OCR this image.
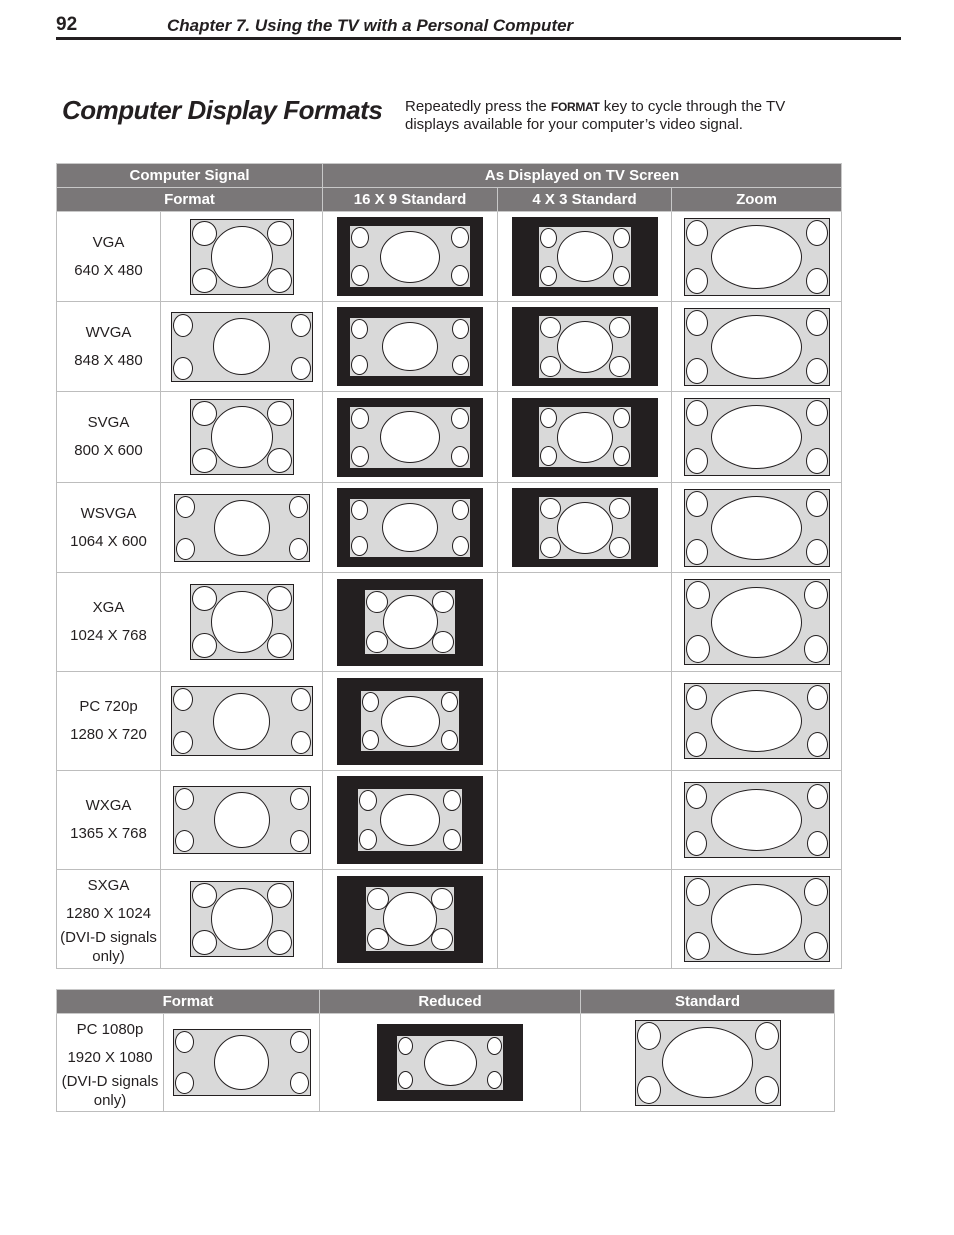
92	Chapter 7. Using the TV with a Personal Computer
Computer Display Formats Repeatedly press the FORMAT key to cycle through the TV displays available for your computer’s video signal.

Computer Signal		As Displayed on TV Screen		
Format		16 X 9 Standard	4 X 3 Standard	Zoom

VGA
640 X 480				

WVGA
848 X 480				

SVGA
800 X 600				

WSVGA
1064 X 600				

XGA
1024 X 768				

PC 720p
1280 X 720				

WXGA
1365 X 768				

SXGA
1280 X 1024
(DVI-D signals only)				

Format		Reduced	Standard

PC 1080p
1920 X 1080
(DVI-D signals only)			
